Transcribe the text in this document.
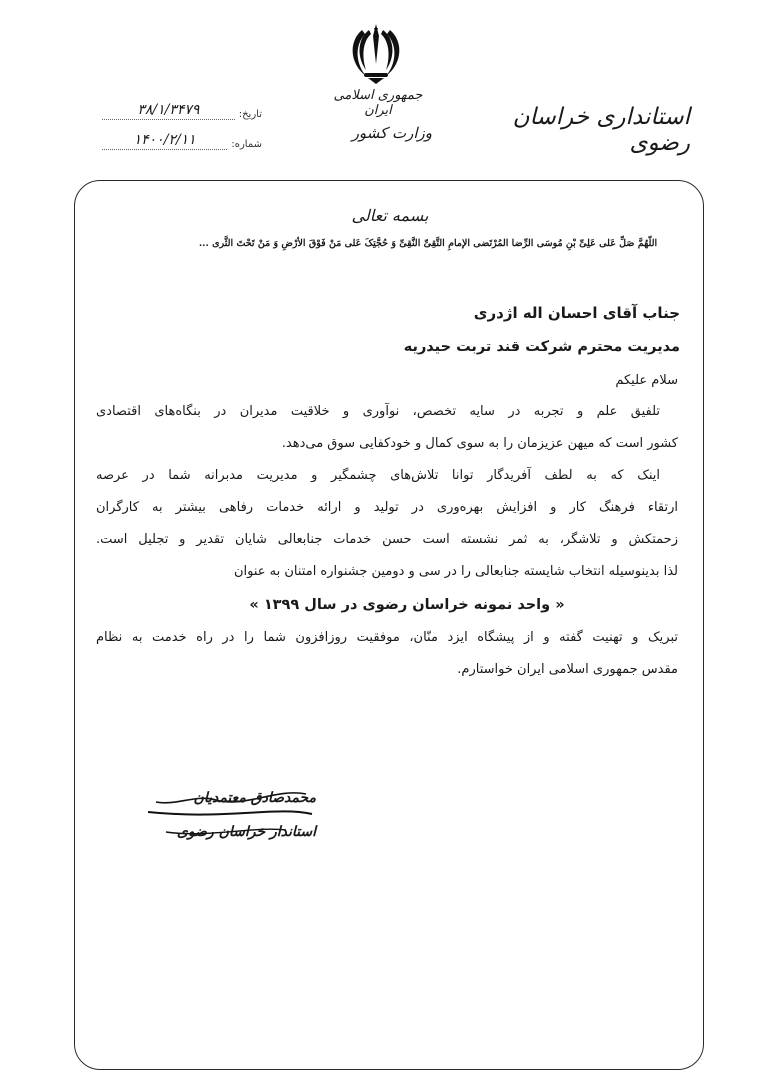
جمهوری اسلامی ایران
وزارت کشور
استانداری خراسان رضوی
تاریخ:
۳۸/۱/۳۴۷۹
شماره:
۱۴۰۰/۲/۱۱
بسمه تعالی
اللّهُمَّ صَلِّ عَلی عَلِیِّ بْنِ مُوسَی الرِّضا المُرْتَضی الإمامِ التَّقِیِّ النَّقِیِّ وَ حُجَّتِکَ عَلی مَنْ فَوْقَ الأرْضِ وَ مَنْ تَحْتَ الثَّری ...
جناب آقای احسان اله اژدری
مدیریت محترم شرکت قند تربت حیدریه
سلام علیکم
تلفیق علم و تجربه در سایه تخصص، نوآوری و خلاقیت مدیران در بنگاه‌های اقتصادی
کشور است که میهن عزیزمان را به سوی کمال و خودکفایی سوق می‌دهد.
اینک که به لطف آفریدگار توانا تلاش‌های چشمگیر و مدیریت مدبرانه شما در عرصه
ارتقاء فرهنگ کار و افزایش بهره‌وری در تولید و ارائه خدمات رفاهی بیشتر به کارگران
زحمتکش و تلاشگر، به ثمر نشسته است حسن خدمات جنابعالی شایان تقدیر و تجلیل است.
لذا بدینوسیله انتخاب شایسته جنابعالی را در سی و دومین جشنواره امتنان به عنوان
« واحد نمونه خراسان رضوی در سال ۱۳۹۹ »
تبریک و تهنیت گفته و از پیشگاه ایزد منّان، موفقیت روزافزون شما را در راه خدمت به نظام
مقدس جمهوری اسلامی ایران خواستارم.
محمدصادق معتمدیان
استاندار خراسان رضوی
